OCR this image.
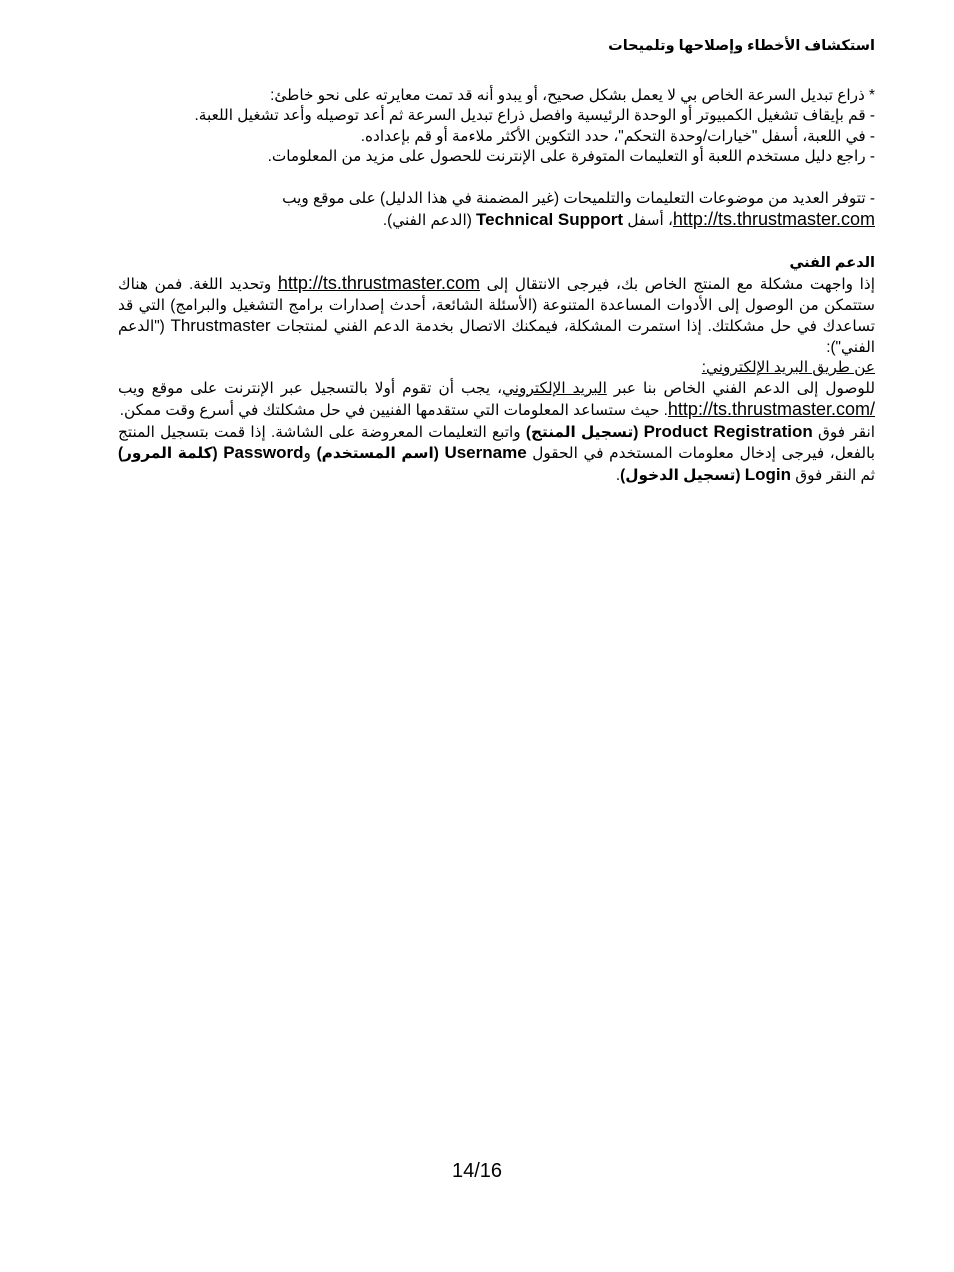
استكشاف الأخطاء وإصلاحها وتلميحات

* ذراع تبديل السرعة الخاص بي لا يعمل بشكل صحيح، أو يبدو أنه قد تمت معايرته على نحو خاطئ:

- قم بإيقاف تشغيل الكمبيوتر أو الوحدة الرئيسية وافصل ذراع تبديل السرعة ثم أعد توصيله وأعد تشغيل اللعبة.

- في اللعبة، أسفل "خيارات/وحدة التحكم"، حدد التكوين الأكثر ملاءمة أو قم بإعداده.

- راجع دليل مستخدم اللعبة أو التعليمات المتوفرة على الإنترنت للحصول على مزيد من المعلومات.

- تتوفر العديد من موضوعات التعليمات والتلميحات (غير المضمنة في هذا الدليل) على موقع ويب
http://ts.thrustmaster.com، أسفل Technical Support (الدعم الفني).

الدعم الفني

إذا واجهت مشكلة مع المنتج الخاص بك، فيرجى الانتقال إلى http://ts.thrustmaster.com وتحديد اللغة. فمن هناك ستتمكن من الوصول إلى الأدوات المساعدة المتنوعة (الأسئلة الشائعة، أحدث إصدارات برامج التشغيل والبرامج) التي قد تساعدك في حل مشكلتك. إذا استمرت المشكلة، فيمكنك الاتصال بخدمة الدعم الفني لمنتجات Thrustmaster ("الدعم الفني"):

عن طريق البريد الإلكتروني:

للوصول إلى الدعم الفني الخاص بنا عبر البريد الإلكتروني، يجب أن تقوم أولا بالتسجيل عبر الإنترنت على موقع ويب http://ts.thrustmaster.com/. حيث ستساعد المعلومات التي ستقدمها الفنيين في حل مشكلتك في أسرع وقت ممكن.

انقر فوق Product Registration (تسجيل المنتج) واتبع التعليمات المعروضة على الشاشة. إذا قمت بتسجيل المنتج بالفعل، فيرجى إدخال معلومات المستخدم في الحقول Username (اسم المستخدم) وPassword (كلمة المرور) ثم النقر فوق Login (تسجيل الدخول).

14/16
